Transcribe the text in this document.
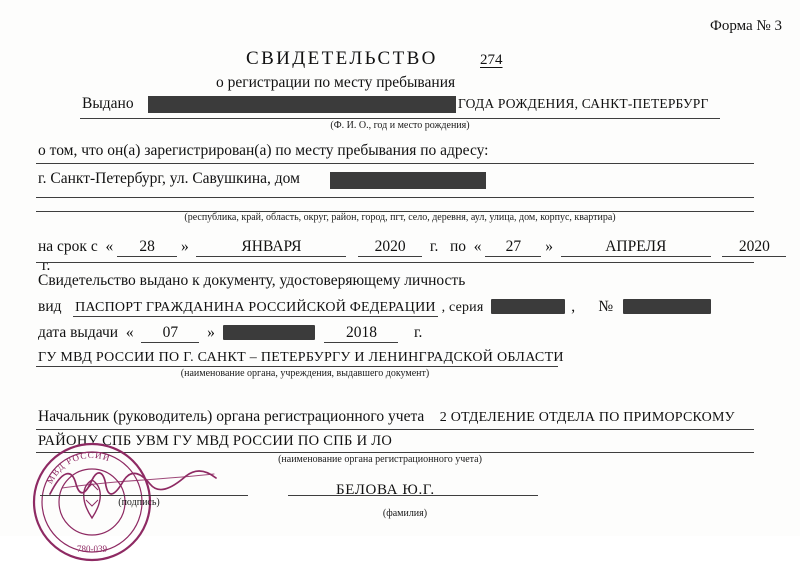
Форма № 3
СВИДЕТЕЛЬСТВО	274
о регистрации по месту пребывания
Выдано	ГОДА РОЖДЕНИЯ, САНКТ-ПЕТЕРБУРГ
(Ф. И. О., год и место рождения)
о том, что он(а) зарегистрирован(а) по месту пребывания по адресу:
г. Санкт-Петербург, ул. Савушкина, дом
(республика, край, область, округ, район, город, пгт, село, деревня, аул, улица, дом, корпус, квартира)
на срок с  « 28 »	ЯНВАРЯ	2020 г. по  « 27 »	АПРЕЛЯ	2020  г.
Свидетельство выдано к документу, удостоверяющему личность
вид ПАСПОРТ ГРАЖДАНИНА РОССИЙСКОЙ ФЕДЕРАЦИИ , серия	, №
дата выдачи  «  07  »	2018 г.
ГУ МВД РОССИИ ПО Г. САНКТ – ПЕТЕРБУРГУ И ЛЕНИНГРАДСКОЙ ОБЛАСТИ
(наименование органа, учреждения, выдавшего документ)
Начальник (руководитель) органа регистрационного учета 2 ОТДЕЛЕНИЕ ОТДЕЛА ПО ПРИМОРСКОМУ
РАЙОНУ СПБ УВМ ГУ МВД РОССИИ ПО СПБ И ЛО
(наименование органа регистрационного учета)
МВД РОССИИ
780-039
БЕЛОВА Ю.Г.
(подпись)
(фамилия)
